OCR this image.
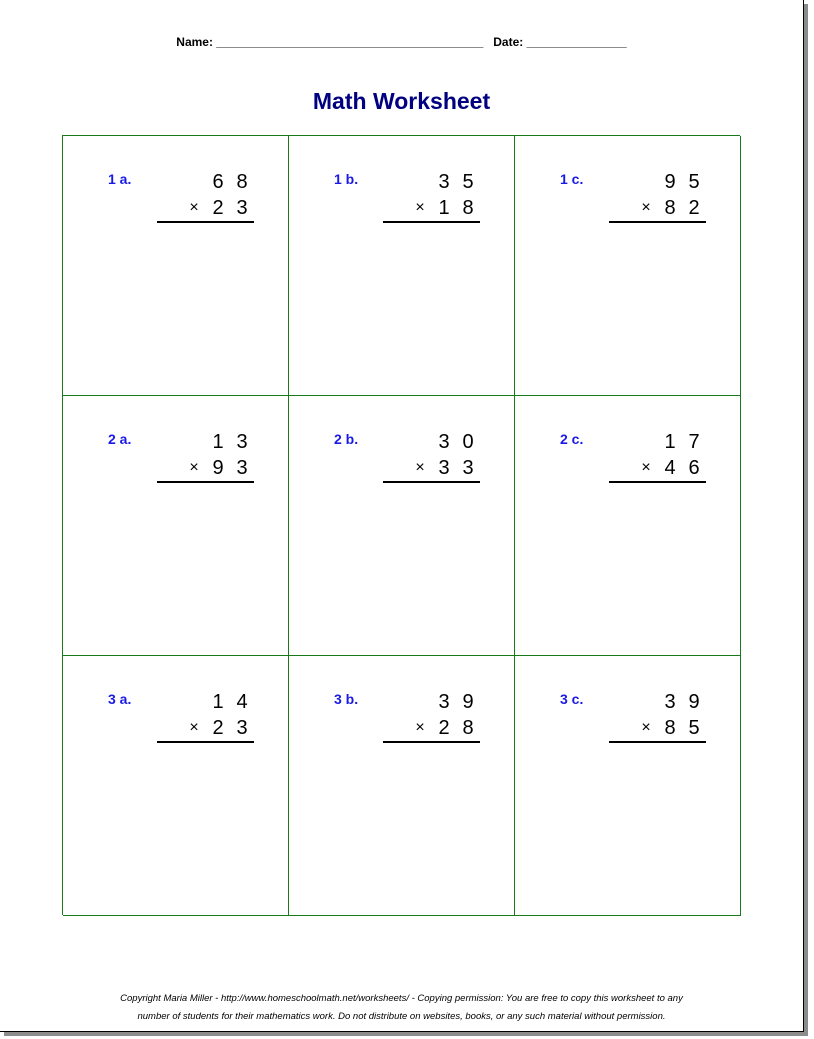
Name: ________________________________________   Date: _______________
Math Worksheet
1 a.	6 8
× 2 3
1 b.	3 5
× 1 8
1 c.	9 5
× 8 2
2 a.	1 3
× 9 3
2 b.	3 0
× 3 3
2 c.	1 7
× 4 6
3 a.	1 4
× 2 3
3 b.	3 9
× 2 8
3 c.	3 9
× 8 5
Copyright Maria Miller - http://www.homeschoolmath.net/worksheets/ - Copying permission: You are free to copy this worksheet to any
number of students for their mathematics work. Do not distribute on websites, books, or any such material without permission.
